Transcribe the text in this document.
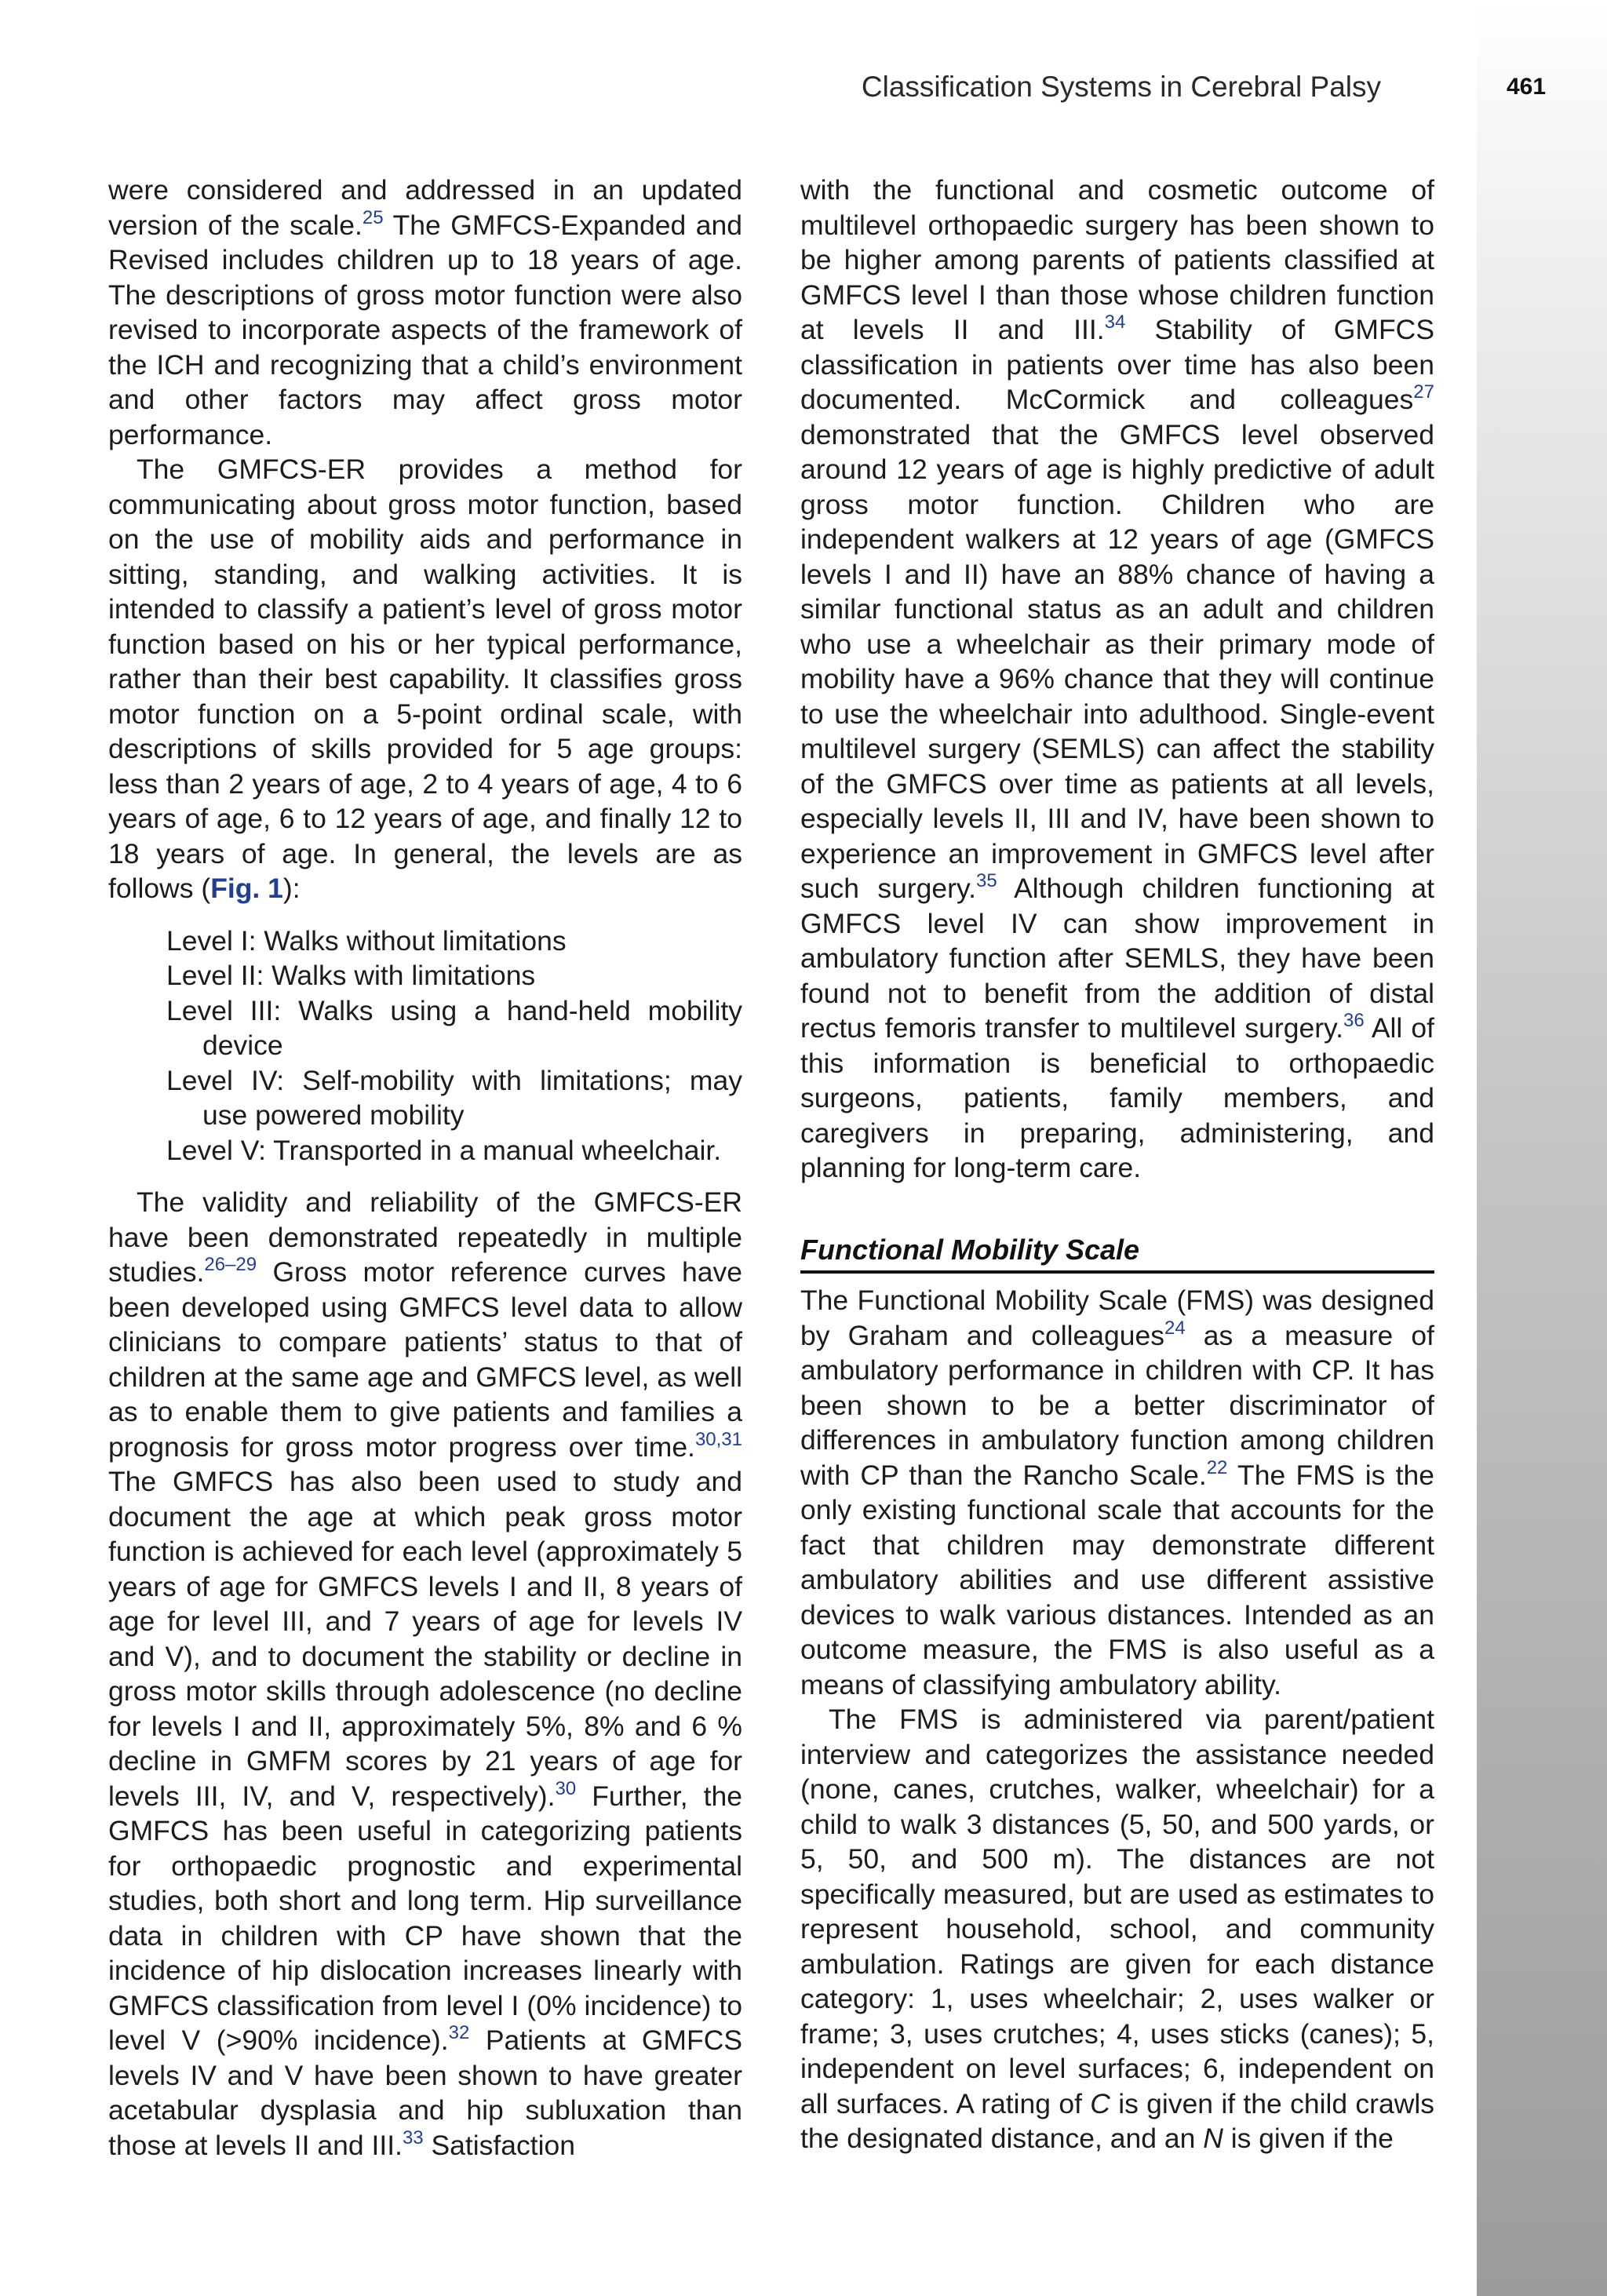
Classification Systems in Cerebral Palsy	461

were considered and addressed in an updated version of the scale.$^{25}$ The GMFCS-Expanded and Revised includes children up to 18 years of age. The descriptions of gross motor function were also revised to incorporate aspects of the framework of the ICH and recognizing that a child’s environment and other factors may affect gross motor performance.

The GMFCS-ER provides a method for communicating about gross motor function, based on the use of mobility aids and performance in sitting, standing, and walking activities. It is intended to classify a patient’s level of gross motor function based on his or her typical performance, rather than their best capability. It classifies gross motor function on a 5-point ordinal scale, with descriptions of skills provided for 5 age groups: less than 2 years of age, 2 to 4 years of age, 4 to 6 years of age, 6 to 12 years of age, and finally 12 to 18 years of age. In general, the levels are as follows (Fig. 1):

Level I: Walks without limitations
Level II: Walks with limitations
Level III: Walks using a hand-held mobility device
Level IV: Self-mobility with limitations; may use powered mobility
Level V: Transported in a manual wheelchair.

The validity and reliability of the GMFCS-ER have been demonstrated repeatedly in multiple studies.$^{26-29}$ Gross motor reference curves have been developed using GMFCS level data to allow clinicians to compare patients’ status to that of children at the same age and GMFCS level, as well as to enable them to give patients and families a prognosis for gross motor progress over time.$^{30,31}$ The GMFCS has also been used to study and document the age at which peak gross motor function is achieved for each level (approximately 5 years of age for GMFCS levels I and II, 8 years of age for level III, and 7 years of age for levels IV and V), and to document the stability or decline in gross motor skills through adolescence (no decline for levels I and II, approximately 5%, 8% and 6 % decline in GMFM scores by 21 years of age for levels III, IV, and V, respectively).$^{30}$ Further, the GMFCS has been useful in categorizing patients for orthopaedic prognostic and experimental studies, both short and long term. Hip surveillance data in children with CP have shown that the incidence of hip dislocation increases linearly with GMFCS classification from level I (0% incidence) to level V (>90% incidence).$^{32}$ Patients at GMFCS levels IV and V have been shown to have greater acetabular dysplasia and hip subluxation than those at levels II and III.$^{33}$ Satisfaction

with the functional and cosmetic outcome of multilevel orthopaedic surgery has been shown to be higher among parents of patients classified at GMFCS level I than those whose children function at levels II and III.$^{34}$ Stability of GMFCS classification in patients over time has also been documented. McCormick and colleagues$^{27}$ demonstrated that the GMFCS level observed around 12 years of age is highly predictive of adult gross motor function. Children who are independent walkers at 12 years of age (GMFCS levels I and II) have an 88% chance of having a similar functional status as an adult and children who use a wheelchair as their primary mode of mobility have a 96% chance that they will continue to use the wheelchair into adulthood. Single-event multilevel surgery (SEMLS) can affect the stability of the GMFCS over time as patients at all levels, especially levels II, III and IV, have been shown to experience an improvement in GMFCS level after such surgery.$^{35}$ Although children functioning at GMFCS level IV can show improvement in ambulatory function after SEMLS, they have been found not to benefit from the addition of distal rectus femoris transfer to multilevel surgery.$^{36}$ All of this information is beneficial to orthopaedic surgeons, patients, family members, and caregivers in preparing, administering, and planning for long-term care.

Functional Mobility Scale

The Functional Mobility Scale (FMS) was designed by Graham and colleagues$^{24}$ as a measure of ambulatory performance in children with CP. It has been shown to be a better discriminator of differences in ambulatory function among children with CP than the Rancho Scale.$^{22}$ The FMS is the only existing functional scale that accounts for the fact that children may demonstrate different ambulatory abilities and use different assistive devices to walk various distances. Intended as an outcome measure, the FMS is also useful as a means of classifying ambulatory ability.

The FMS is administered via parent/patient interview and categorizes the assistance needed (none, canes, crutches, walker, wheelchair) for a child to walk 3 distances (5, 50, and 500 yards, or 5, 50, and 500 m). The distances are not specifically measured, but are used as estimates to represent household, school, and community ambulation. Ratings are given for each distance category: 1, uses wheelchair; 2, uses walker or frame; 3, uses crutches; 4, uses sticks (canes); 5, independent on level surfaces; 6, independent on all surfaces. A rating of C is given if the child crawls the designated distance, and an N is given if the
